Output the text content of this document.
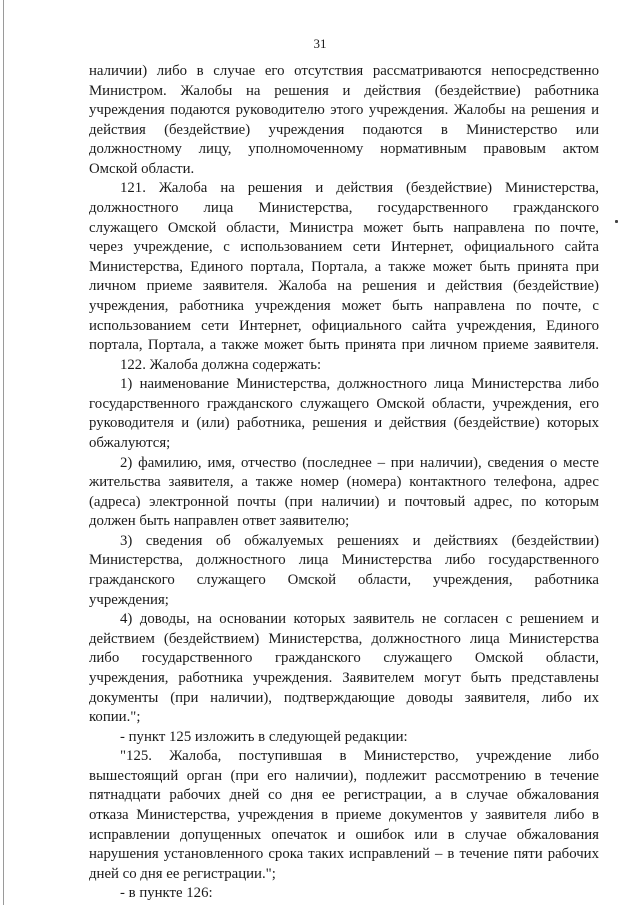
31
наличии) либо в случае его отсутствия рассматриваются непосредственно
Министром. Жалобы на решения и действия (бездействие) работника
учреждения подаются руководителю этого учреждения. Жалобы на решения и
действия (бездействие) учреждения подаются в Министерство или
должностному лицу, уполномоченному нормативным правовым актом
Омской области.
121. Жалоба на решения и действия (бездействие) Министерства,
должностного лица Министерства, государственного гражданского
служащего Омской области, Министра может быть направлена по почте,
через учреждение, с использованием сети Интернет, официального сайта
Министерства, Единого портала, Портала, а также может быть принята при
личном приеме заявителя. Жалоба на решения и действия (бездействие)
учреждения, работника учреждения может быть направлена по почте, с
использованием сети Интернет, официального сайта учреждения, Единого
портала, Портала, а также может быть принята при личном приеме заявителя.
122. Жалоба должна содержать:
1) наименование Министерства, должностного лица Министерства либо
государственного гражданского служащего Омской области, учреждения, его
руководителя и (или) работника, решения и действия (бездействие) которых
обжалуются;
2) фамилию, имя, отчество (последнее – при наличии), сведения о месте
жительства заявителя, а также номер (номера) контактного телефона, адрес
(адреса) электронной почты (при наличии) и почтовый адрес, по которым
должен быть направлен ответ заявителю;
3) сведения об обжалуемых решениях и действиях (бездействии)
Министерства, должностного лица Министерства либо государственного
гражданского служащего Омской области, учреждения, работника
учреждения;
4) доводы, на основании которых заявитель не согласен с решением и
действием (бездействием) Министерства, должностного лица Министерства
либо государственного гражданского служащего Омской области,
учреждения, работника учреждения. Заявителем могут быть представлены
документы (при наличии), подтверждающие доводы заявителя, либо их
копии.";
- пункт 125 изложить в следующей редакции:
"125. Жалоба, поступившая в Министерство, учреждение либо
вышестоящий орган (при его наличии), подлежит рассмотрению в течение
пятнадцати рабочих дней со дня ее регистрации, а в случае обжалования
отказа Министерства, учреждения в приеме документов у заявителя либо в
исправлении допущенных опечаток и ошибок или в случае обжалования
нарушения установленного срока таких исправлений – в течение пяти рабочих
дней со дня ее регистрации.";
- в пункте 126:
